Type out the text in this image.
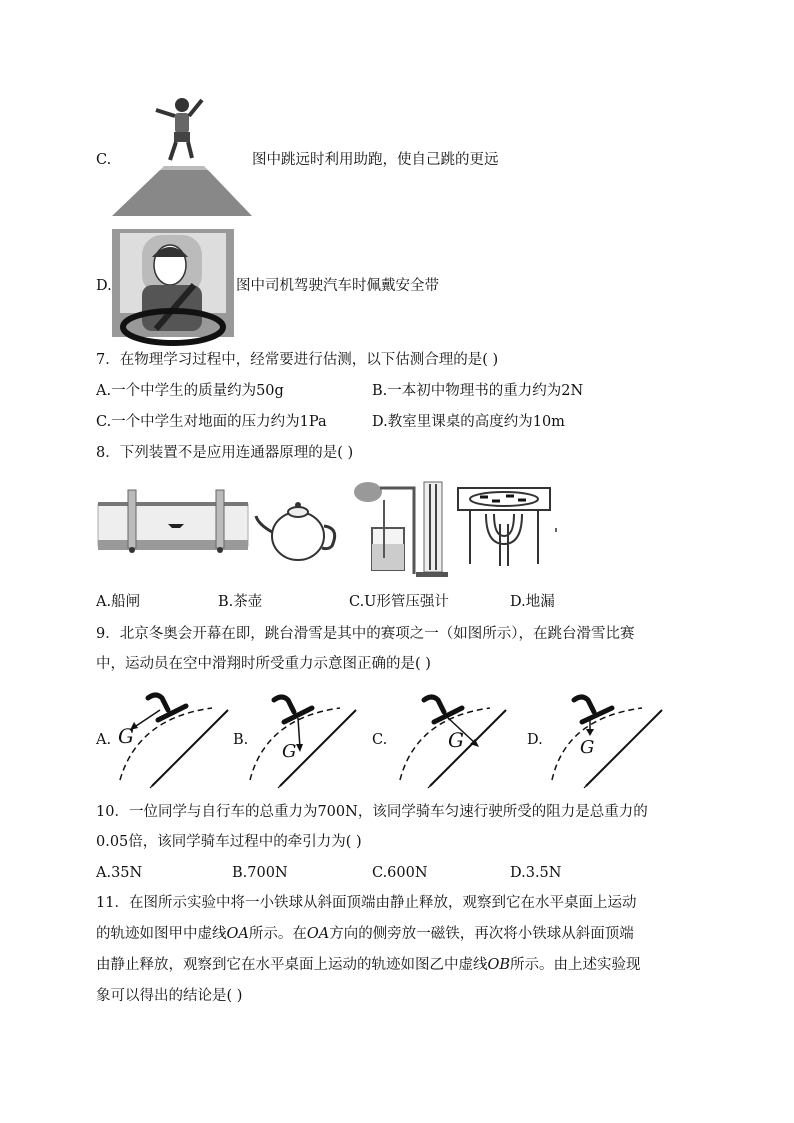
C.	图中跳远时利用助跑，使自己跳的更远
D.	图中司机驾驶汽车时佩戴安全带
7．在物理学习过程中，经常要进行估测，以下估测合理的是( )
A.一个中学生的质量约为50g	B.一本初中物理书的重力约为2N
C.一个中学生对地面的压力约为1Pa	D.教室里课桌的高度约为10m
8．下列装置不是应用连通器原理的是( )
A.船闸	B.茶壶	C.U形管压强计	D.地漏
9．北京冬奥会开幕在即，跳台滑雪是其中的赛项之一（如图所示），在跳台滑雪比赛
中，运动员在空中滑翔时所受重力示意图正确的是( )
A. G	B.
G
C.	G	D. G
10．一位同学与自行车的总重力为700N，该同学骑车匀速行驶所受的阻力是总重力的
0.05倍，该同学骑车过程中的牵引力为( )
A.35N	B.700N	C.600N	D.3.5N
11．在图所示实验中将一小铁球从斜面顶端由静止释放，观察到它在水平桌面上运动
的轨迹如图甲中虚线OA所示。在OA方向的侧旁放一磁铁，再次将小铁球从斜面顶端
由静止释放，观察到它在水平桌面上运动的轨迹如图乙中虚线OB所示。由上述实验现
象可以得出的结论是( )
